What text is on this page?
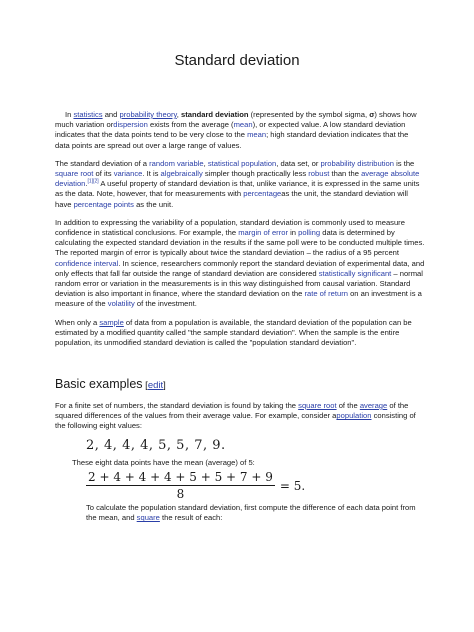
Standard deviation

In statistics and probability theory, standard deviation (represented by the symbol sigma, σ) shows how much variation ordispersion exists from the average (mean), or expected value. A low standard deviation indicates that the data points tend to be very close to the mean; high standard deviation indicates that the data points are spread out over a large range of values.

The standard deviation of a random variable, statistical population, data set, or probability distribution is the square root of its variance. It is algebraically simpler though practically less robust than the average absolute deviation.[1][2] A useful property of standard deviation is that, unlike variance, it is expressed in the same units as the data. Note, however, that for measurements with percentageas the unit, the standard deviation will have percentage points as the unit.

In addition to expressing the variability of a population, standard deviation is commonly used to measure confidence in statistical conclusions. For example, the margin of error in polling data is determined by calculating the expected standard deviation in the results if the same poll were to be conducted multiple times. The reported margin of error is typically about twice the standard deviation – the radius of a 95 percent confidence interval. In science, researchers commonly report the standard deviation of experimental data, and only effects that fall far outside the range of standard deviation are considered statistically significant – normal random error or variation in the measurements is in this way distinguished from causal variation. Standard deviation is also important in finance, where the standard deviation on the rate of return on an investment is a measure of the volatility of the investment.

When only a sample of data from a population is available, the standard deviation of the population can be estimated by a modified quantity called "the sample standard deviation". When the sample is the entire population, its unmodified standard deviation is called the "population standard deviation".

Basic examples [edit]

For a finite set of numbers, the standard deviation is found by taking the square root of the average of the squared differences of the values from their average value. For example, consider apopulation consisting of the following eight values:

2, 4, 4, 4, 5, 5, 7, 9.
These eight data points have the mean (average) of 5:
$\frac{2 + 4 + 4 + 4 + 5 + 5 + 7 + 9}{8} = 5$.
To calculate the population standard deviation, first compute the difference of each data point from the mean, and square the result of each:
